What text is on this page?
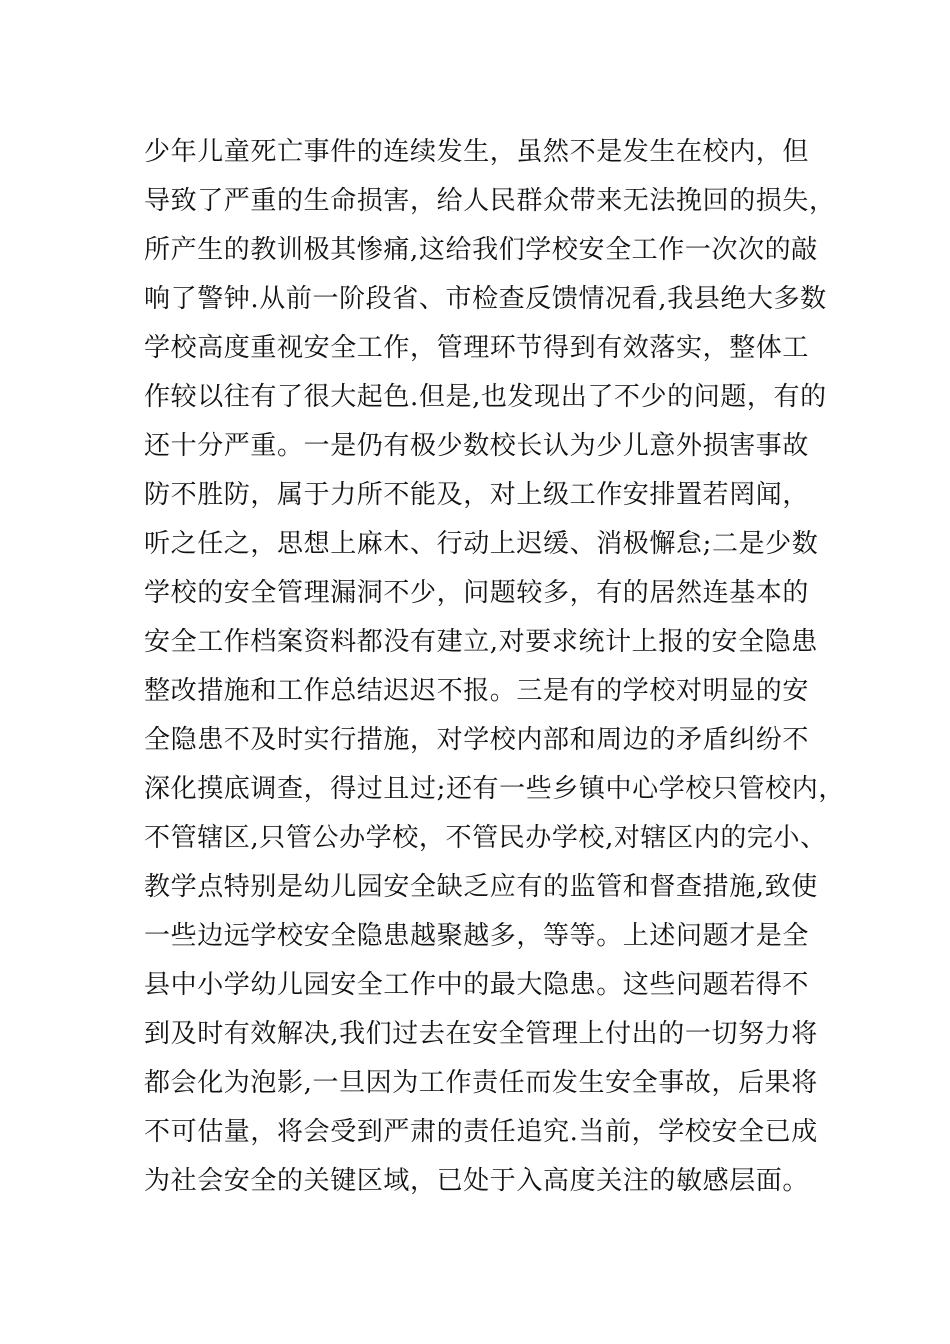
少年儿童死亡事件的连续发生，虽然不是发生在校内，但
导致了严重的生命损害，给人民群众带来无法挽回的损失，
所产生的教训极其惨痛,这给我们学校安全工作一次次的敲
响了警钟.从前一阶段省、市检查反馈情况看,我县绝大多数
学校高度重视安全工作，管理环节得到有效落实，整体工
作较以往有了很大起色.但是,也发现出了不少的问题，有的
还十分严重。一是仍有极少数校长认为少儿意外损害事故
防不胜防，属于力所不能及，对上级工作安排置若罔闻，
听之任之，思想上麻木、行动上迟缓、消极懈怠;二是少数
学校的安全管理漏洞不少，问题较多，有的居然连基本的
安全工作档案资料都没有建立,对要求统计上报的安全隐患
整改措施和工作总结迟迟不报。三是有的学校对明显的安
全隐患不及时实行措施，对学校内部和周边的矛盾纠纷不
深化摸底调查，得过且过;还有一些乡镇中心学校只管校内，
不管辖区,只管公办学校，不管民办学校,对辖区内的完小、
教学点特别是幼儿园安全缺乏应有的监管和督查措施,致使
一些边远学校安全隐患越聚越多，等等。上述问题才是全
县中小学幼儿园安全工作中的最大隐患。这些问题若得不
到及时有效解决,我们过去在安全管理上付出的一切努力将
都会化为泡影,一旦因为工作责任而发生安全事故，后果将
不可估量，将会受到严肃的责任追究.当前，学校安全已成
为社会安全的关键区域，已处于入高度关注的敏感层面。
